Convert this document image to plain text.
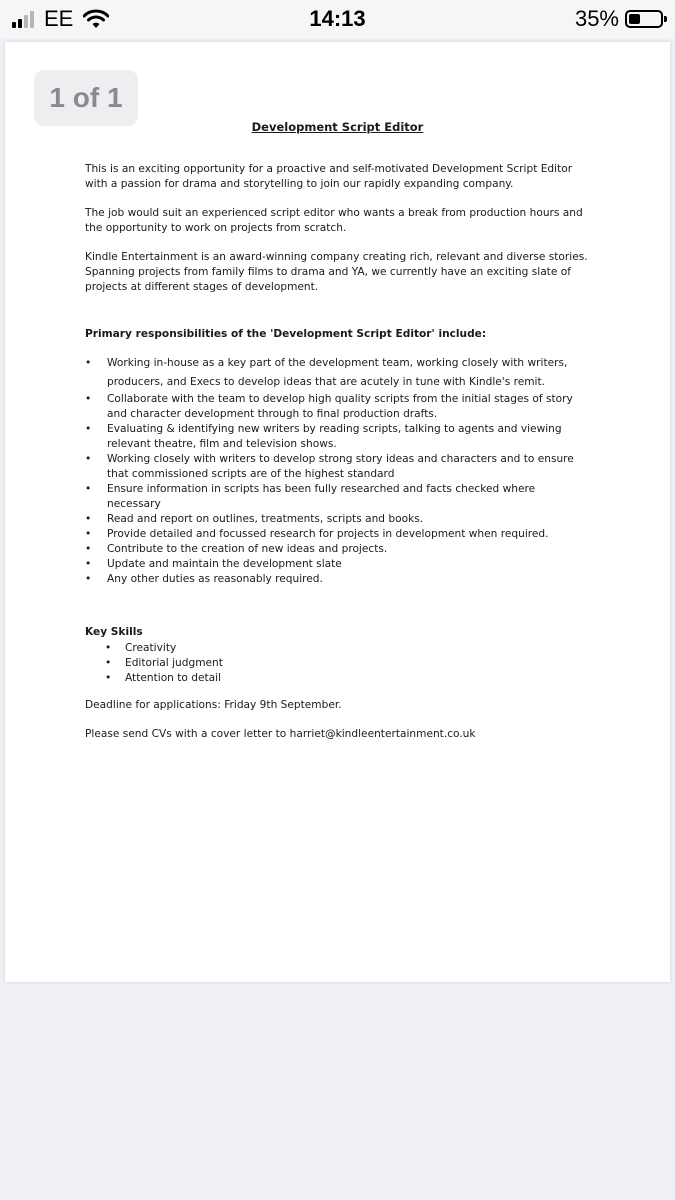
EE	14:13	35%
1 of 1
Development Script Editor

This is an exciting opportunity for a proactive and self-motivated Development Script Editor with a passion for drama and storytelling to join our rapidly expanding company.

The job would suit an experienced script editor who wants a break from production hours and the opportunity to work on projects from scratch.

Kindle Entertainment is an award-winning company creating rich, relevant and diverse stories. Spanning projects from family films to drama and YA, we currently have an exciting slate of projects at different stages of development.

Primary responsibilities of the 'Development Script Editor' include:

• Working in-house as a key part of the development team, working closely with writers, producers, and Execs to develop ideas that are acutely in tune with Kindle's remit.
• Collaborate with the team to develop high quality scripts from the initial stages of story and character development through to final production drafts.
• Evaluating & identifying new writers by reading scripts, talking to agents and viewing relevant theatre, film and television shows.
• Working closely with writers to develop strong story ideas and characters and to ensure that commissioned scripts are of the highest standard
• Ensure information in scripts has been fully researched and facts checked where necessary
• Read and report on outlines, treatments, scripts and books.
• Provide detailed and focussed research for projects in development when required.
• Contribute to the creation of new ideas and projects.
• Update and maintain the development slate
• Any other duties as reasonably required.

Key Skills

• Creativity
• Editorial judgment
• Attention to detail

Deadline for applications: Friday 9th September.

Please send CVs with a cover letter to harriet@kindleentertainment.co.uk
